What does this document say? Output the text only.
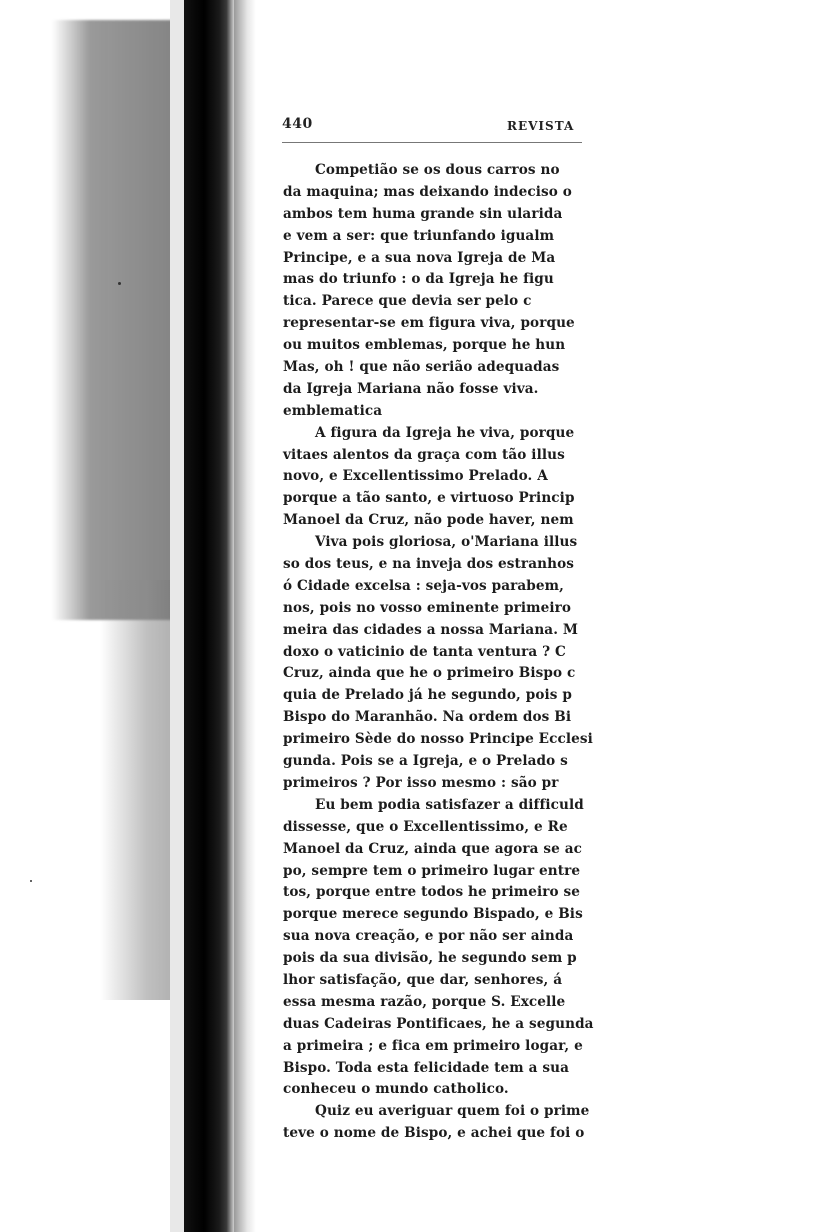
440	REVISTA
Competião se os dous carros no
da maquina; mas deixando indeciso o
ambos tem huma grande sin ularida
e vem a ser: que triunfando igualm
Principe, e a sua nova Igreja de Ma
mas do triunfo : o da Igreja he figu
tica. Parece que devia ser pelo c
representar-se em figura viva, porque
ou muitos emblemas, porque he hun
Mas, oh ! que não serião adequadas
da Igreja Mariana não fosse viva.
emblematica
A figura da Igreja he viva, porque
vitaes alentos da graça com tão illus
novo, e Excellentissimo Prelado. A
porque a tão santo, e virtuoso Princip
Manoel da Cruz, não pode haver, nem
Viva pois gloriosa, o'Mariana illus
so dos teus, e na inveja dos estranhos
ó Cidade excelsa : seja-vos parabem,
nos, pois no vosso eminente primeiro
meira das cidades a nossa Mariana. M
doxo o vaticinio de tanta ventura ? C
Cruz, ainda que he o primeiro Bispo c
quia de Prelado já he segundo, pois p
Bispo do Maranhão. Na ordem dos Bi
primeiro Sède do nosso Principe Ecclesi
gunda. Pois se a Igreja, e o Prelado s
primeiros ? Por isso mesmo : são pr
Eu bem podia satisfazer a difficuld
dissesse, que o Excellentissimo, e Re
Manoel da Cruz, ainda que agora se ac
po, sempre tem o primeiro lugar entre
tos, porque entre todos he primeiro se
porque merece segundo Bispado, e Bis
sua nova creação, e por não ser ainda
pois da sua divisão, he segundo sem p
lhor satisfação, que dar, senhores, á
essa mesma razão, porque S. Excelle
duas Cadeiras Pontificaes, he a segunda
a primeira ; e fica em primeiro logar, e
Bispo. Toda esta felicidade tem a sua
conheceu o mundo catholico.
Quiz eu averiguar quem foi o prime
teve o nome de Bispo, e achei que foi o
